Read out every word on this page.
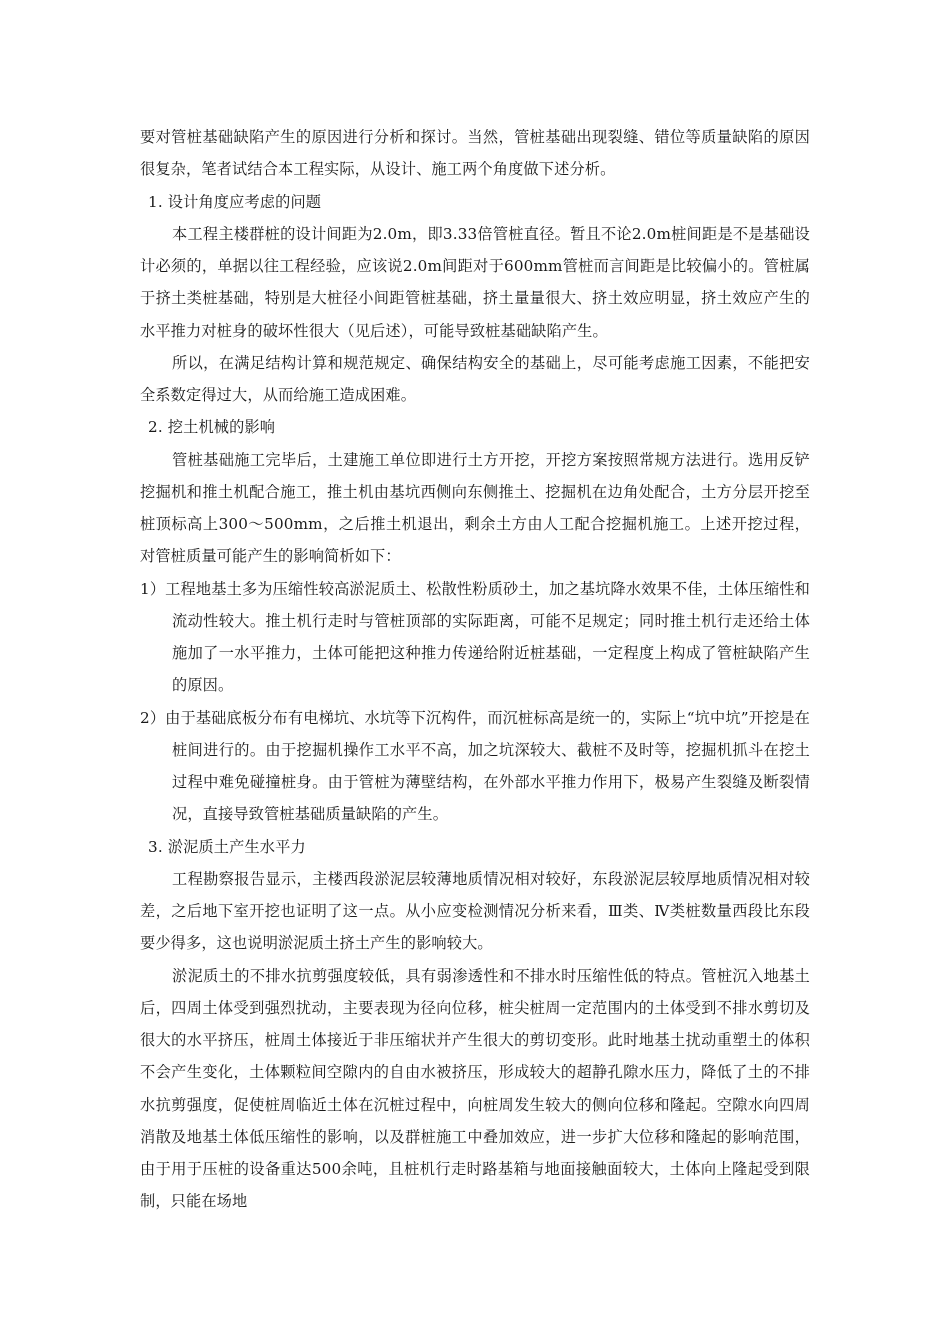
要对管桩基础缺陷产生的原因进行分析和探讨。当然，管桩基础出现裂缝、错位等质量缺陷的原因很复杂，笔者试结合本工程实际，从设计、施工两个角度做下述分析。

1. 设计角度应考虑的问题

本工程主楼群桩的设计间距为2.0m，即3.33倍管桩直径。暂且不论2.0m桩间距是不是基础设计必须的，单据以往工程经验，应该说2.0m间距对于600mm管桩而言间距是比较偏小的。管桩属于挤土类桩基础，特别是大桩径小间距管桩基础，挤土量量很大、挤土效应明显，挤土效应产生的水平推力对桩身的破坏性很大（见后述），可能导致桩基础缺陷产生。

所以，在满足结构计算和规范规定、确保结构安全的基础上，尽可能考虑施工因素，不能把安全系数定得过大，从而给施工造成困难。

2. 挖土机械的影响

管桩基础施工完毕后，土建施工单位即进行土方开挖，开挖方案按照常规方法进行。选用反铲挖掘机和推土机配合施工，推土机由基坑西侧向东侧推土、挖掘机在边角处配合，土方分层开挖至桩顶标高上300～500mm，之后推土机退出，剩余土方由人工配合挖掘机施工。上述开挖过程，对管桩质量可能产生的影响简析如下：

1）工程地基土多为压缩性较高淤泥质土、松散性粉质砂土，加之基坑降水效果不佳，土体压缩性和流动性较大。推土机行走时与管桩顶部的实际距离，可能不足规定；同时推土机行走还给土体施加了一水平推力，土体可能把这种推力传递给附近桩基础，一定程度上构成了管桩缺陷产生的原因。

2）由于基础底板分布有电梯坑、水坑等下沉构件，而沉桩标高是统一的，实际上“坑中坑”开挖是在桩间进行的。由于挖掘机操作工水平不高，加之坑深较大、截桩不及时等，挖掘机抓斗在挖土过程中难免碰撞桩身。由于管桩为薄壁结构，在外部水平推力作用下，极易产生裂缝及断裂情况，直接导致管桩基础质量缺陷的产生。

3. 淤泥质土产生水平力

工程勘察报告显示，主楼西段淤泥层较薄地质情况相对较好，东段淤泥层较厚地质情况相对较差，之后地下室开挖也证明了这一点。从小应变检测情况分析来看，Ⅲ类、Ⅳ类桩数量西段比东段要少得多，这也说明淤泥质土挤土产生的影响较大。

淤泥质土的不排水抗剪强度较低，具有弱渗透性和不排水时压缩性低的特点。管桩沉入地基土后，四周土体受到强烈扰动，主要表现为径向位移，桩尖桩周一定范围内的土体受到不排水剪切及很大的水平挤压，桩周土体接近于非压缩状并产生很大的剪切变形。此时地基土扰动重塑土的体积不会产生变化，土体颗粒间空隙内的自由水被挤压，形成较大的超静孔隙水压力，降低了土的不排水抗剪强度，促使桩周临近土体在沉桩过程中，向桩周发生较大的侧向位移和隆起。空隙水向四周消散及地基土体低压缩性的影响，以及群桩施工中叠加效应，进一步扩大位移和隆起的影响范围，由于用于压桩的设备重达500余吨，且桩机行走时路基箱与地面接触面较大，土体向上隆起受到限制，只能在场地
